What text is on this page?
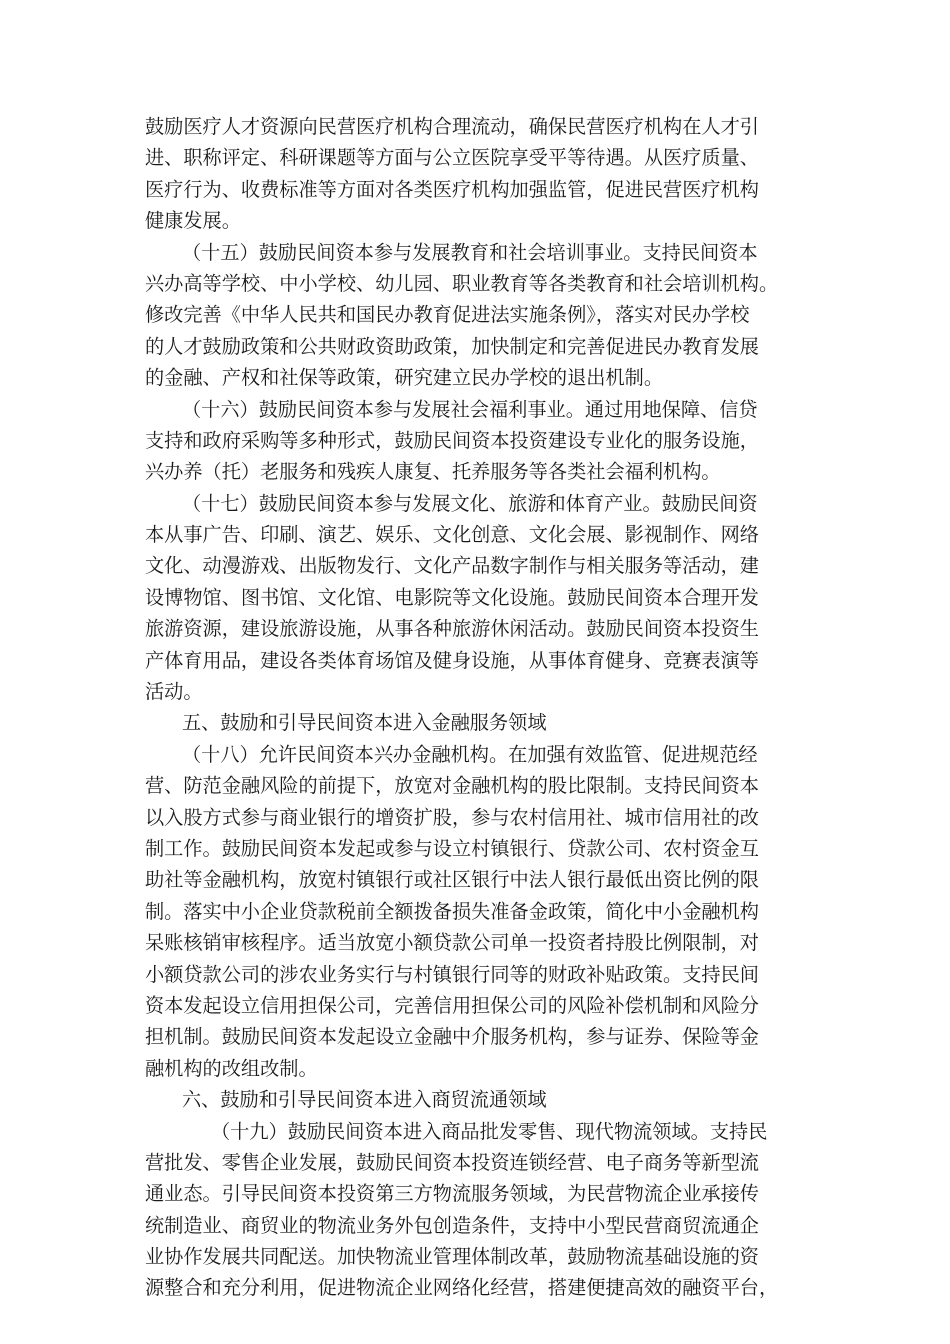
鼓励医疗人才资源向民营医疗机构合理流动，确保民营医疗机构在人才引
进、职称评定、科研课题等方面与公立医院享受平等待遇。从医疗质量、
医疗行为、收费标准等方面对各类医疗机构加强监管，促进民营医疗机构
健康发展。
（十五）鼓励民间资本参与发展教育和社会培训事业。支持民间资本
兴办高等学校、中小学校、幼儿园、职业教育等各类教育和社会培训机构。
修改完善《中华人民共和国民办教育促进法实施条例》，落实对民办学校
的人才鼓励政策和公共财政资助政策，加快制定和完善促进民办教育发展
的金融、产权和社保等政策，研究建立民办学校的退出机制。
（十六）鼓励民间资本参与发展社会福利事业。通过用地保障、信贷
支持和政府采购等多种形式，鼓励民间资本投资建设专业化的服务设施，
兴办养（托）老服务和残疾人康复、托养服务等各类社会福利机构。
（十七）鼓励民间资本参与发展文化、旅游和体育产业。鼓励民间资
本从事广告、印刷、演艺、娱乐、文化创意、文化会展、影视制作、网络
文化、动漫游戏、出版物发行、文化产品数字制作与相关服务等活动，建
设博物馆、图书馆、文化馆、电影院等文化设施。鼓励民间资本合理开发
旅游资源，建设旅游设施，从事各种旅游休闲活动。鼓励民间资本投资生
产体育用品，建设各类体育场馆及健身设施，从事体育健身、竞赛表演等
活动。
五、鼓励和引导民间资本进入金融服务领域
（十八）允许民间资本兴办金融机构。在加强有效监管、促进规范经
营、防范金融风险的前提下，放宽对金融机构的股比限制。支持民间资本
以入股方式参与商业银行的增资扩股，参与农村信用社、城市信用社的改
制工作。鼓励民间资本发起或参与设立村镇银行、贷款公司、农村资金互
助社等金融机构，放宽村镇银行或社区银行中法人银行最低出资比例的限
制。落实中小企业贷款税前全额拨备损失准备金政策，简化中小金融机构
呆账核销审核程序。适当放宽小额贷款公司单一投资者持股比例限制，对
小额贷款公司的涉农业务实行与村镇银行同等的财政补贴政策。支持民间
资本发起设立信用担保公司，完善信用担保公司的风险补偿机制和风险分
担机制。鼓励民间资本发起设立金融中介服务机构，参与证券、保险等金
融机构的改组改制。
六、鼓励和引导民间资本进入商贸流通领域
（十九）鼓励民间资本进入商品批发零售、现代物流领域。支持民
营批发、零售企业发展，鼓励民间资本投资连锁经营、电子商务等新型流
通业态。引导民间资本投资第三方物流服务领域，为民营物流企业承接传
统制造业、商贸业的物流业务外包创造条件，支持中小型民营商贸流通企
业协作发展共同配送。加快物流业管理体制改革，鼓励物流基础设施的资
源整合和充分利用，促进物流企业网络化经营，搭建便捷高效的融资平台，
